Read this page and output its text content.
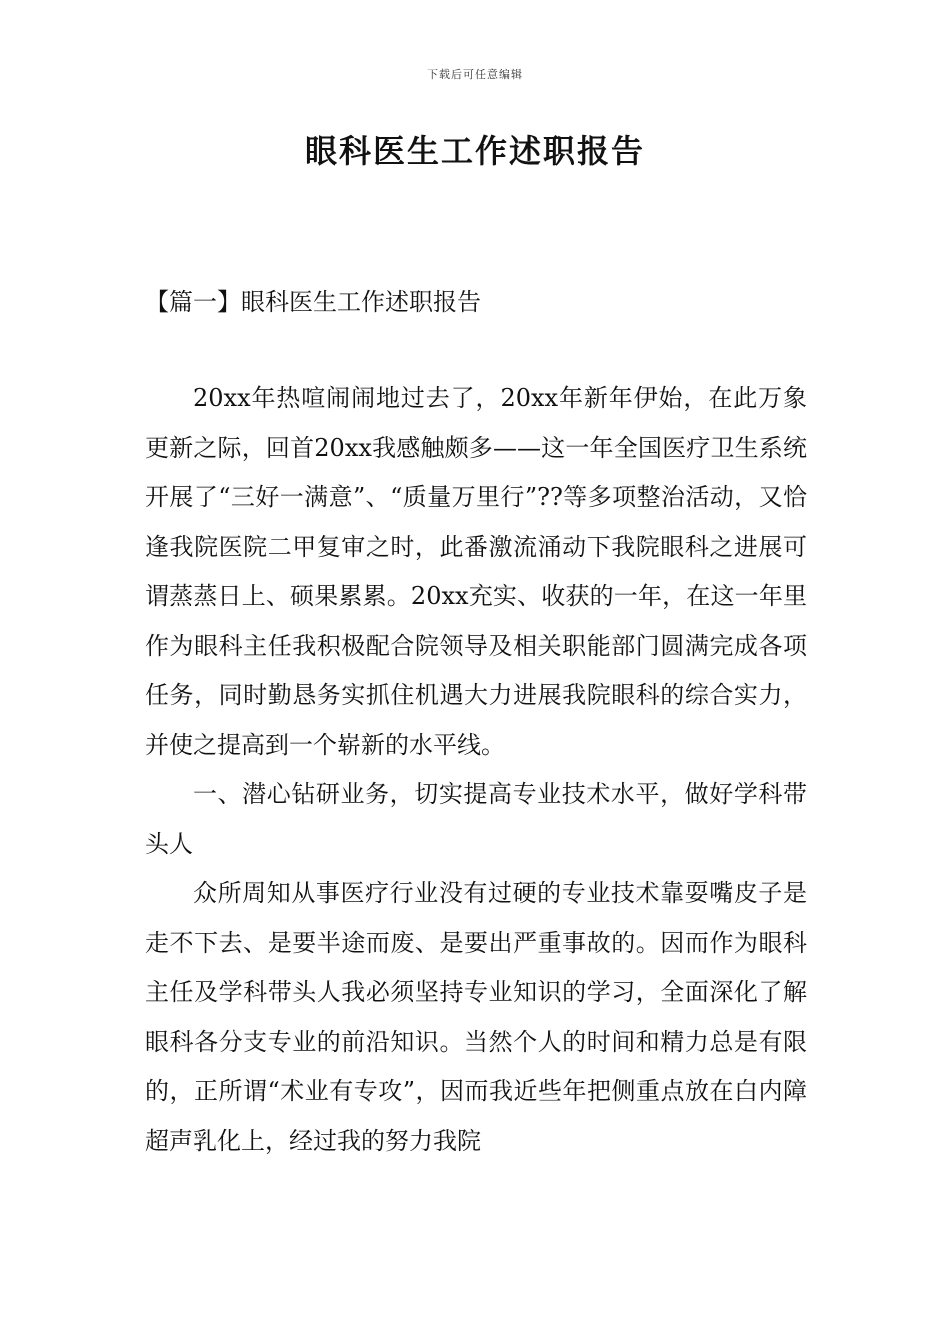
下载后可任意编辑
眼科医生工作述职报告
【篇一】眼科医生工作述职报告

20xx年热喧闹闹地过去了，20xx年新年伊始，在此万象更新之际，回首20xx我感触颇多——这一年全国医疗卫生系统开展了“三好一满意”、“质量万里行”??等多项整治活动，又恰逢我院医院二甲复审之时，此番激流涌动下我院眼科之进展可谓蒸蒸日上、硕果累累。20xx充实、收获的一年，在这一年里作为眼科主任我积极配合院领导及相关职能部门圆满完成各项任务，同时勤恳务实抓住机遇大力进展我院眼科的综合实力，并使之提高到一个崭新的水平线。

一、潜心钻研业务，切实提高专业技术水平，做好学科带头人

众所周知从事医疗行业没有过硬的专业技术靠耍嘴皮子是走不下去、是要半途而废、是要出严重事故的。因而作为眼科主任及学科带头人我必须坚持专业知识的学习，全面深化了解眼科各分支专业的前沿知识。当然个人的时间和精力总是有限的，正所谓“术业有专攻”，因而我近些年把侧重点放在白内障超声乳化上，经过我的努力我院
